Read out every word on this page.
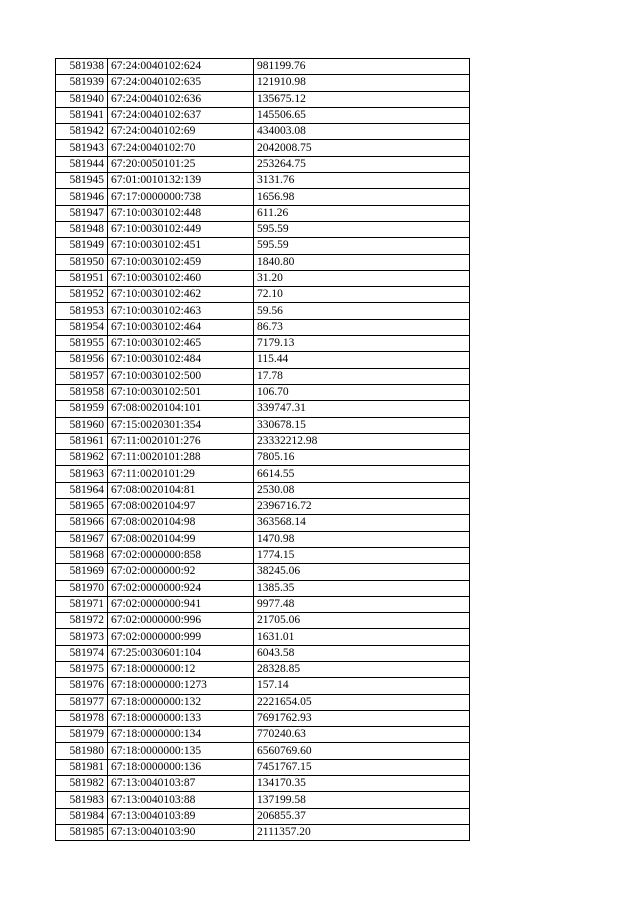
581938	67:24:0040102:624	981199.76
581939	67:24:0040102:635	121910.98
581940	67:24:0040102:636	135675.12
581941	67:24:0040102:637	145506.65
581942	67:24:0040102:69	434003.08
581943	67:24:0040102:70	2042008.75
581944	67:20:0050101:25	253264.75
581945	67:01:0010132:139	3131.76
581946	67:17:0000000:738	1656.98
581947	67:10:0030102:448	611.26
581948	67:10:0030102:449	595.59
581949	67:10:0030102:451	595.59
581950	67:10:0030102:459	1840.80
581951	67:10:0030102:460	31.20
581952	67:10:0030102:462	72.10
581953	67:10:0030102:463	59.56
581954	67:10:0030102:464	86.73
581955	67:10:0030102:465	7179.13
581956	67:10:0030102:484	115.44
581957	67:10:0030102:500	17.78
581958	67:10:0030102:501	106.70
581959	67:08:0020104:101	339747.31
581960	67:15:0020301:354	330678.15
581961	67:11:0020101:276	23332212.98
581962	67:11:0020101:288	7805.16
581963	67:11:0020101:29	6614.55
581964	67:08:0020104:81	2530.08
581965	67:08:0020104:97	2396716.72
581966	67:08:0020104:98	363568.14
581967	67:08:0020104:99	1470.98
581968	67:02:0000000:858	1774.15
581969	67:02:0000000:92	38245.06
581970	67:02:0000000:924	1385.35
581971	67:02:0000000:941	9977.48
581972	67:02:0000000:996	21705.06
581973	67:02:0000000:999	1631.01
581974	67:25:0030601:104	6043.58
581975	67:18:0000000:12	28328.85
581976	67:18:0000000:1273	157.14
581977	67:18:0000000:132	2221654.05
581978	67:18:0000000:133	7691762.93
581979	67:18:0000000:134	770240.63
581980	67:18:0000000:135	6560769.60
581981	67:18:0000000:136	7451767.15
581982	67:13:0040103:87	134170.35
581983	67:13:0040103:88	137199.58
581984	67:13:0040103:89	206855.37
581985	67:13:0040103:90	2111357.20
